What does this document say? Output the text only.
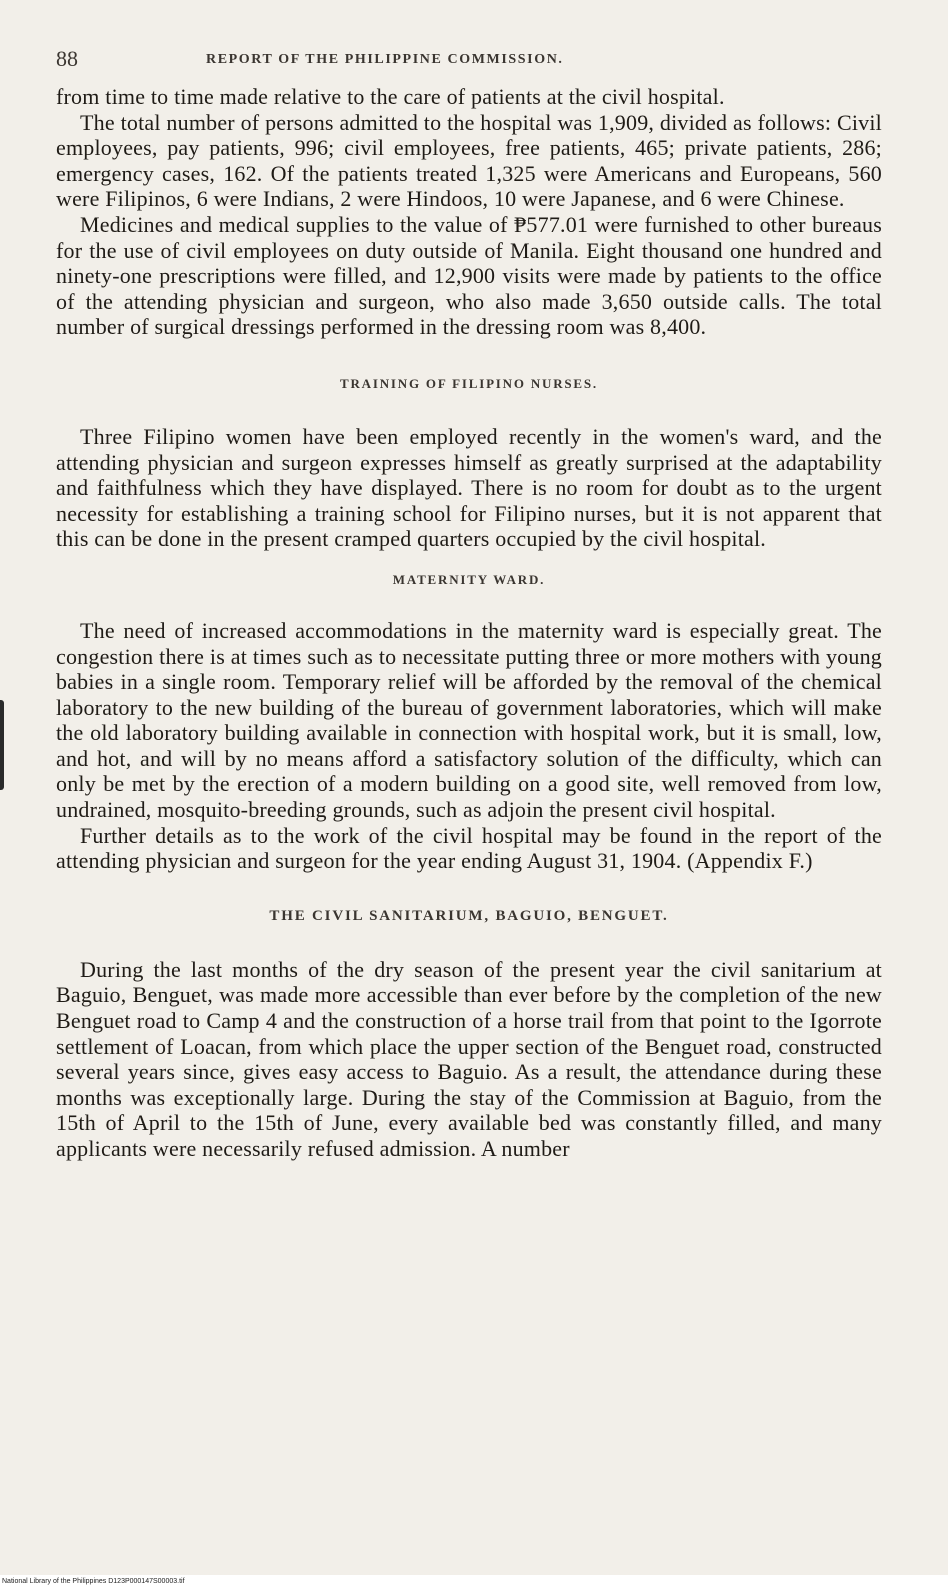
88	REPORT OF THE PHILIPPINE COMMISSION.

from time to time made relative to the care of patients at the civil hospital.

The total number of persons admitted to the hospital was 1,909, divided as follows: Civil employees, pay patients, 996; civil employees, free patients, 465; private patients, 286; emergency cases, 162. Of the patients treated 1,325 were Americans and Europeans, 560 were Filipinos, 6 were Indians, 2 were Hindoos, 10 were Japanese, and 6 were Chinese.

Medicines and medical supplies to the value of ₱577.01 were furnished to other bureaus for the use of civil employees on duty outside of Manila. Eight thousand one hundred and ninety-one prescriptions were filled, and 12,900 visits were made by patients to the office of the attending physician and surgeon, who also made 3,650 outside calls. The total number of surgical dressings performed in the dressing room was 8,400.

TRAINING OF FILIPINO NURSES.

Three Filipino women have been employed recently in the women's ward, and the attending physician and surgeon expresses himself as greatly surprised at the adaptability and faithfulness which they have displayed. There is no room for doubt as to the urgent necessity for establishing a training school for Filipino nurses, but it is not apparent that this can be done in the present cramped quarters occupied by the civil hospital.

MATERNITY WARD.

The need of increased accommodations in the maternity ward is especially great. The congestion there is at times such as to necessitate putting three or more mothers with young babies in a single room. Temporary relief will be afforded by the removal of the chemical laboratory to the new building of the bureau of government laboratories, which will make the old laboratory building available in connection with hospital work, but it is small, low, and hot, and will by no means afford a satisfactory solution of the difficulty, which can only be met by the erection of a modern building on a good site, well removed from low, undrained, mosquito-breeding grounds, such as adjoin the present civil hospital.

Further details as to the work of the civil hospital may be found in the report of the attending physician and surgeon for the year ending August 31, 1904. (Appendix F.)

THE CIVIL SANITARIUM, BAGUIO, BENGUET.

During the last months of the dry season of the present year the civil sanitarium at Baguio, Benguet, was made more accessible than ever before by the completion of the new Benguet road to Camp 4 and the construction of a horse trail from that point to the Igorrote settlement of Loacan, from which place the upper section of the Benguet road, constructed several years since, gives easy access to Baguio. As a result, the attendance during these months was exceptionally large. During the stay of the Commission at Baguio, from the 15th of April to the 15th of June, every available bed was constantly filled, and many applicants were necessarily refused admission. A number

National Library of the Philippines D123P000147S00003.tif
